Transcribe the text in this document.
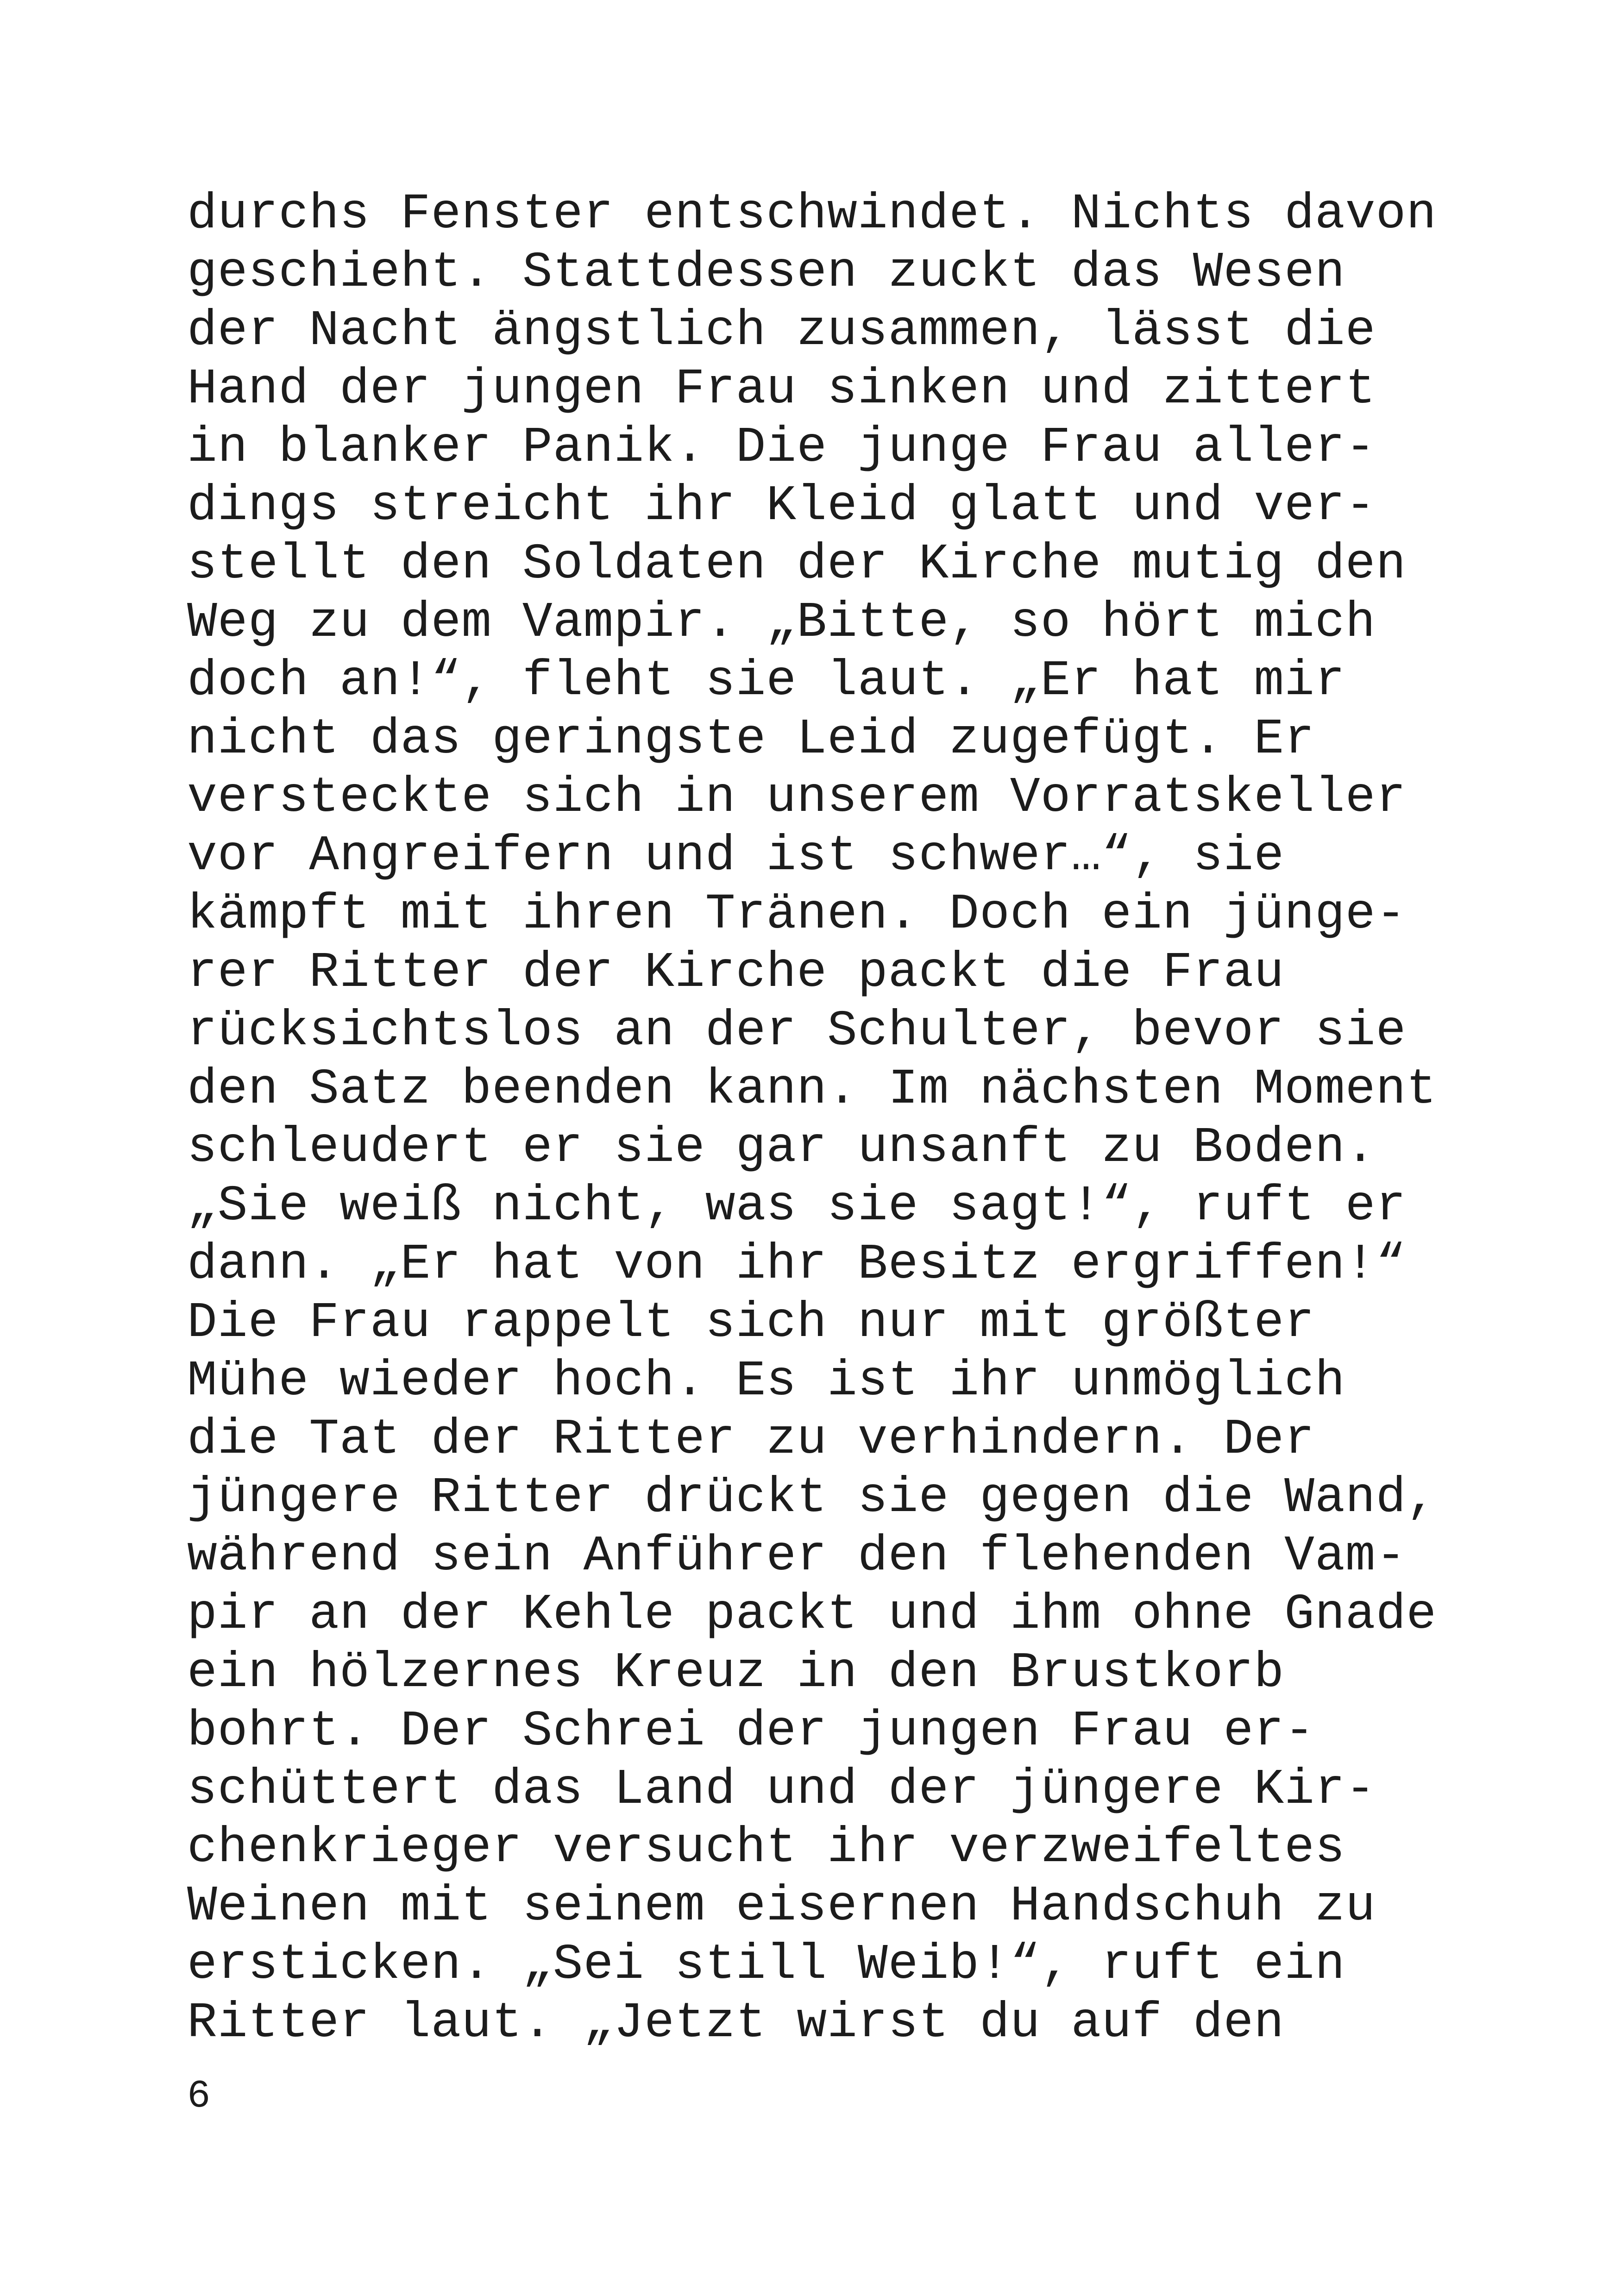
durchs Fenster entschwindet. Nichts davon
geschieht. Stattdessen zuckt das Wesen
der Nacht ängstlich zusammen, lässt die
Hand der jungen Frau sinken und zittert
in blanker Panik. Die junge Frau aller-
dings streicht ihr Kleid glatt und ver-
stellt den Soldaten der Kirche mutig den
Weg zu dem Vampir. „Bitte, so hört mich
doch an!“, fleht sie laut. „Er hat mir
nicht das geringste Leid zugefügt. Er
versteckte sich in unserem Vorratskeller
vor Angreifern und ist schwer…“, sie
kämpft mit ihren Tränen. Doch ein jünge-
rer Ritter der Kirche packt die Frau
rücksichtslos an der Schulter, bevor sie
den Satz beenden kann. Im nächsten Moment
schleudert er sie gar unsanft zu Boden.
„Sie weiß nicht, was sie sagt!“, ruft er
dann. „Er hat von ihr Besitz ergriffen!“
Die Frau rappelt sich nur mit größter
Mühe wieder hoch. Es ist ihr unmöglich
die Tat der Ritter zu verhindern. Der
jüngere Ritter drückt sie gegen die Wand,
während sein Anführer den flehenden Vam-
pir an der Kehle packt und ihm ohne Gnade
ein hölzernes Kreuz in den Brustkorb
bohrt. Der Schrei der jungen Frau er-
schüttert das Land und der jüngere Kir-
chenkrieger versucht ihr verzweifeltes
Weinen mit seinem eisernen Handschuh zu
ersticken. „Sei still Weib!“, ruft ein
Ritter laut. „Jetzt wirst du auf den
6
